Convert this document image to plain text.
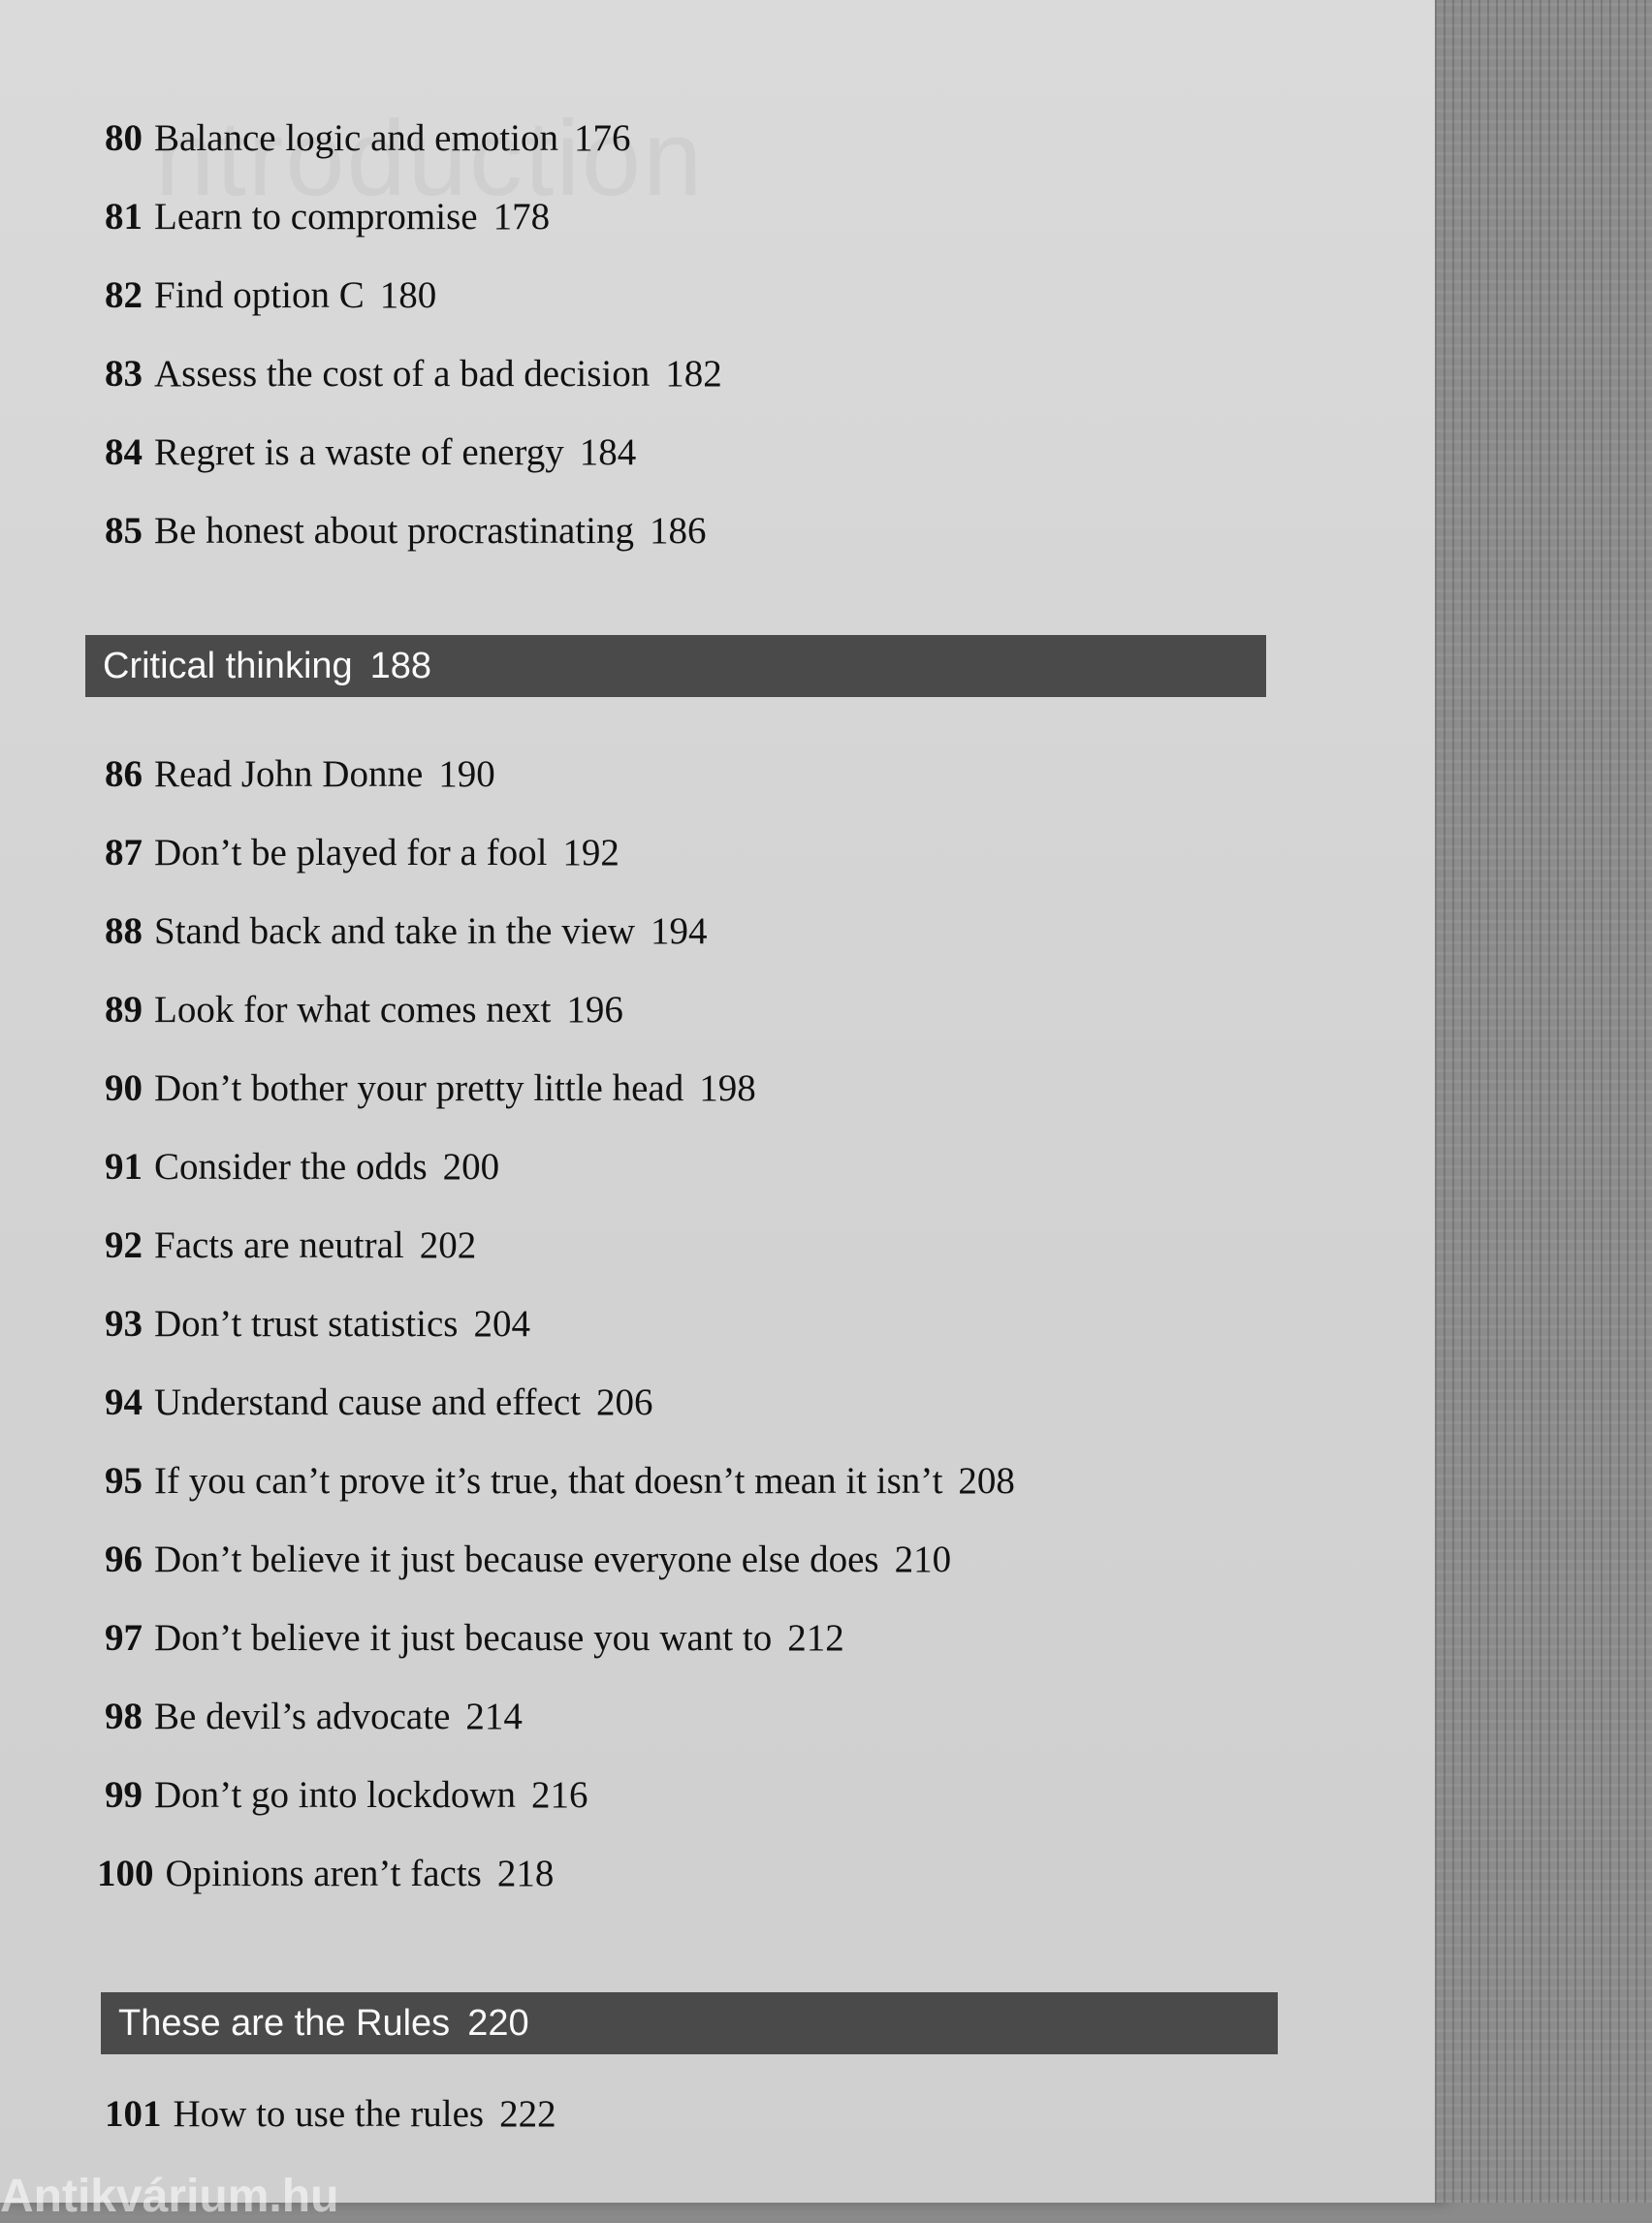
80 Balance logic and emotion 176
81 Learn to compromise 178
82 Find option C 180
83 Assess the cost of a bad decision 182
84 Regret is a waste of energy 184
85 Be honest about procrastinating 186
Critical thinking 188
86 Read John Donne 190
87 Don’t be played for a fool 192
88 Stand back and take in the view 194
89 Look for what comes next 196
90 Don’t bother your pretty little head 198
91 Consider the odds 200
92 Facts are neutral 202
93 Don’t trust statistics 204
94 Understand cause and effect 206
95 If you can’t prove it’s true, that doesn’t mean it isn’t 208
96 Don’t believe it just because everyone else does 210
97 Don’t believe it just because you want to 212
98 Be devil’s advocate 214
99 Don’t go into lockdown 216
100 Opinions aren’t facts 218
These are the Rules 220
101 How to use the rules 222
Antikvárium.hu
